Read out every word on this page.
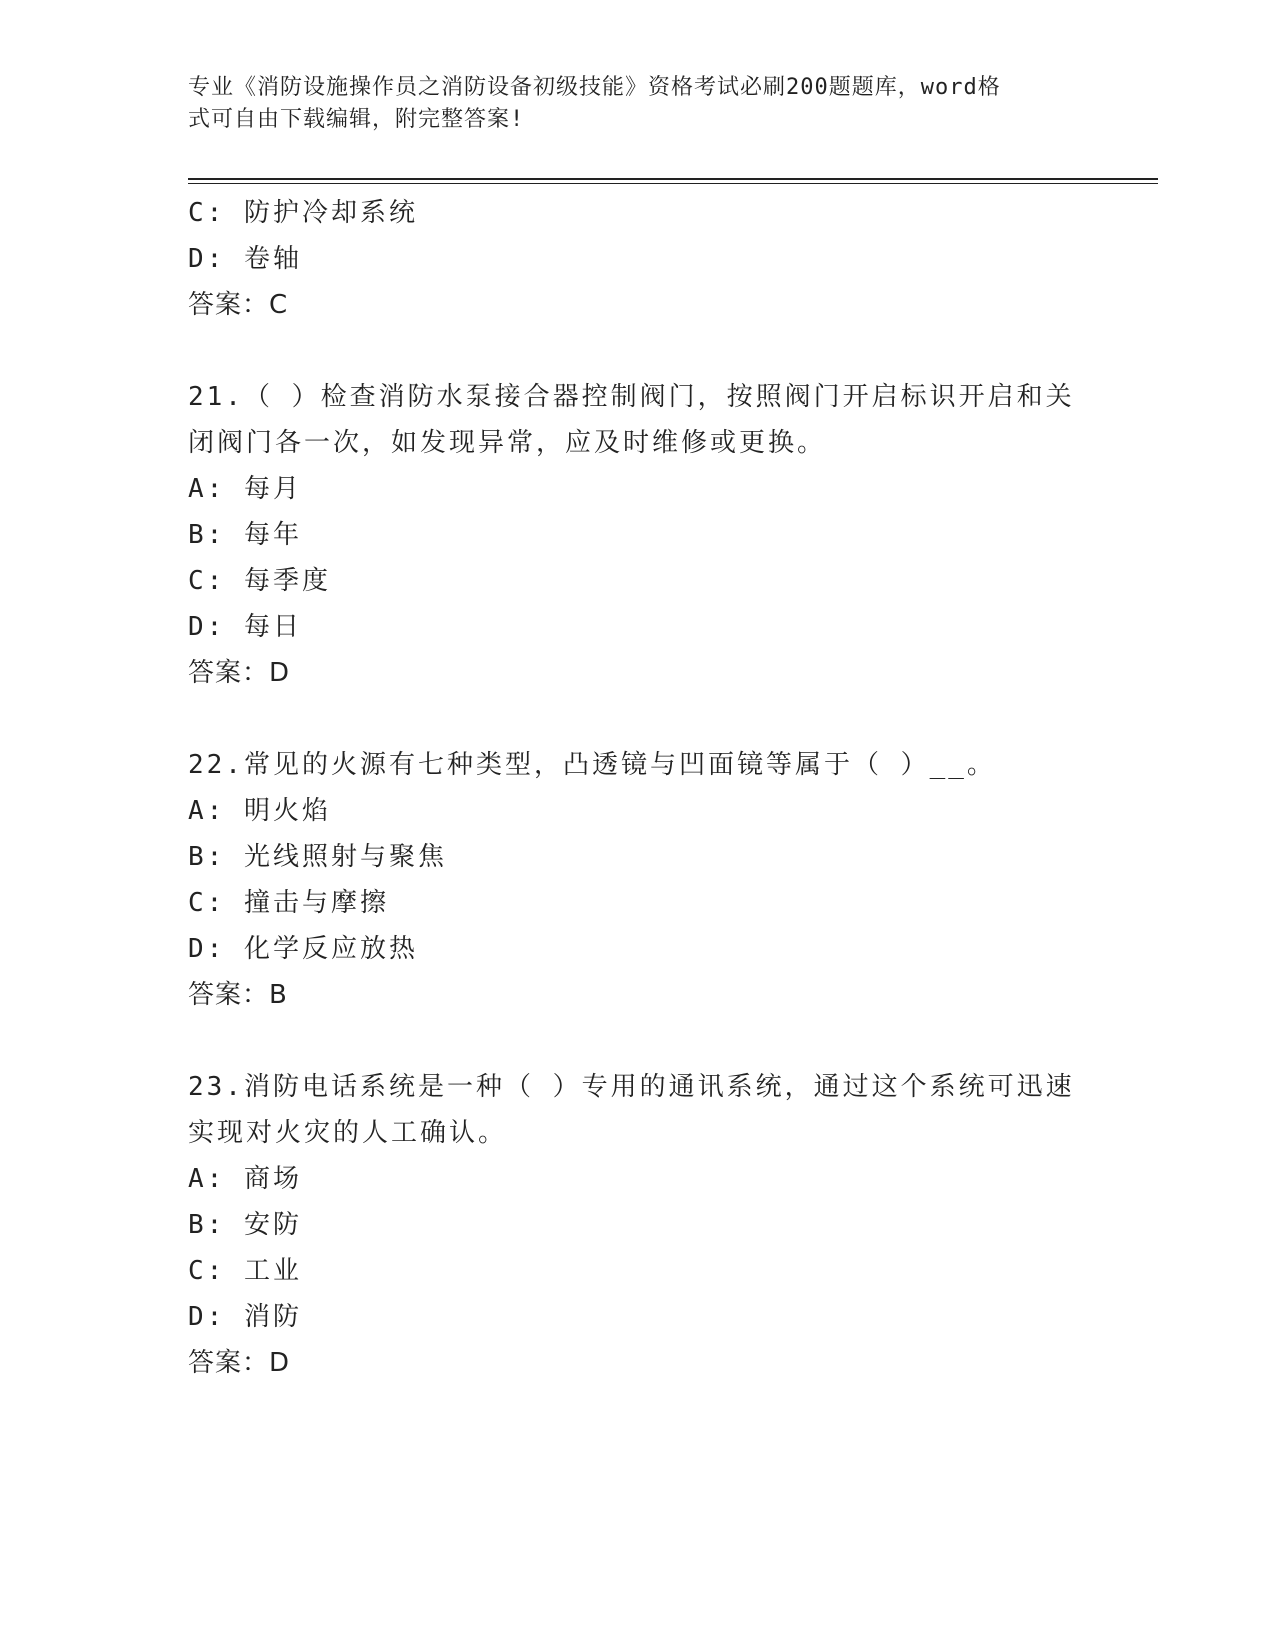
专业《消防设施操作员之消防设备初级技能》资格考试必刷200题题库，word格
式可自由下载编辑，附完整答案!
C: 防护冷却系统
D: 卷轴
答案：C
21.（ ）检查消防水泵接合器控制阀门，按照阀门开启标识开启和关
闭阀门各一次，如发现异常，应及时维修或更换。
A: 每月
B: 每年
C: 每季度
D: 每日
答案：D
22.常见的火源有七种类型，凸透镜与凹面镜等属于（ ）__。
A: 明火焰
B: 光线照射与聚焦
C: 撞击与摩擦
D: 化学反应放热
答案：B
23.消防电话系统是一种（ ）专用的通讯系统，通过这个系统可迅速
实现对火灾的人工确认。
A: 商场
B: 安防
C: 工业
D: 消防
答案：D
